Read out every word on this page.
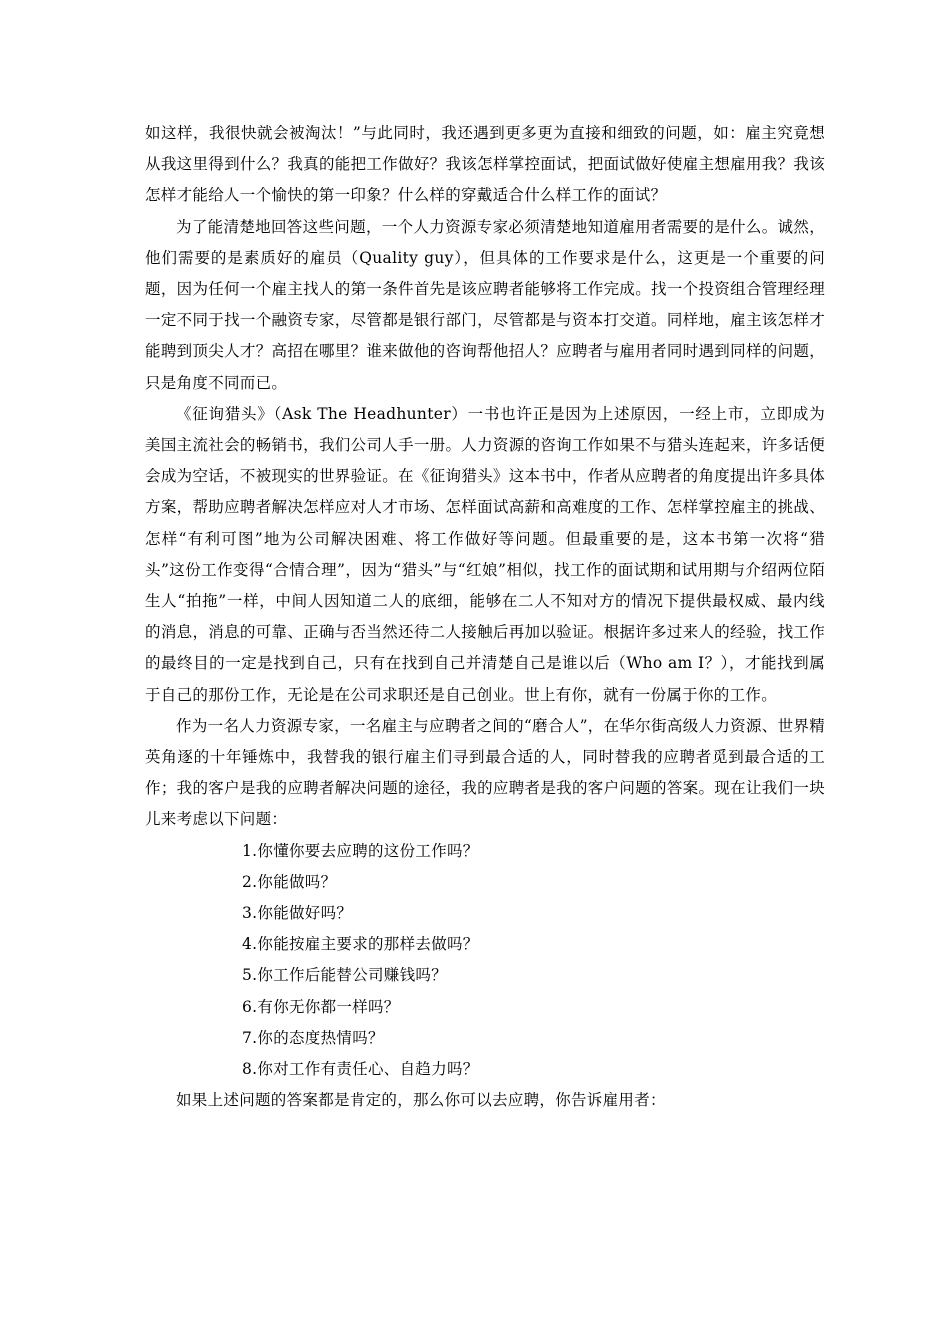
如这样，我很快就会被淘汰！”与此同时，我还遇到更多更为直接和细致的问题，如：雇主究竟想从我这里得到什么？我真的能把工作做好？我该怎样掌控面试，把面试做好使雇主想雇用我？我该怎样才能给人一个愉快的第一印象？什么样的穿戴适合什么样工作的面试？

为了能清楚地回答这些问题，一个人力资源专家必须清楚地知道雇用者需要的是什么。诚然，他们需要的是素质好的雇员（Quality guy），但具体的工作要求是什么，这更是一个重要的问题，因为任何一个雇主找人的第一条件首先是该应聘者能够将工作完成。找一个投资组合管理经理一定不同于找一个融资专家，尽管都是银行部门，尽管都是与资本打交道。同样地，雇主该怎样才能聘到顶尖人才？高招在哪里？谁来做他的咨询帮他招人？应聘者与雇用者同时遇到同样的问题，只是角度不同而已。

《征询猎头》（Ask The Headhunter）一书也许正是因为上述原因，一经上市，立即成为美国主流社会的畅销书，我们公司人手一册。人力资源的咨询工作如果不与猎头连起来，许多话便会成为空话，不被现实的世界验证。在《征询猎头》这本书中，作者从应聘者的角度提出许多具体方案，帮助应聘者解决怎样应对人才市场、怎样面试高薪和高难度的工作、怎样掌控雇主的挑战、怎样“有利可图”地为公司解决困难、将工作做好等问题。但最重要的是，这本书第一次将“猎头”这份工作变得“合情合理”，因为“猎头”与“红娘”相似，找工作的面试期和试用期与介绍两位陌生人“拍拖”一样，中间人因知道二人的底细，能够在二人不知对方的情况下提供最权威、最内线的消息，消息的可靠、正确与否当然还待二人接触后再加以验证。根据许多过来人的经验，找工作的最终目的一定是找到自己，只有在找到自己并清楚自己是谁以后（Who am I？），才能找到属于自己的那份工作，无论是在公司求职还是自己创业。世上有你，就有一份属于你的工作。

作为一名人力资源专家，一名雇主与应聘者之间的“磨合人”，在华尔街高级人力资源、世界精英角逐的十年锤炼中，我替我的银行雇主们寻到最合适的人，同时替我的应聘者觅到最合适的工作；我的客户是我的应聘者解决问题的途径，我的应聘者是我的客户问题的答案。现在让我们一块儿来考虑以下问题：

1.你懂你要去应聘的这份工作吗？
2.你能做吗？
3.你能做好吗？
4.你能按雇主要求的那样去做吗？
5.你工作后能替公司赚钱吗？
6.有你无你都一样吗？
7.你的态度热情吗？
8.你对工作有责任心、自趋力吗？

如果上述问题的答案都是肯定的，那么你可以去应聘，你告诉雇用者：
